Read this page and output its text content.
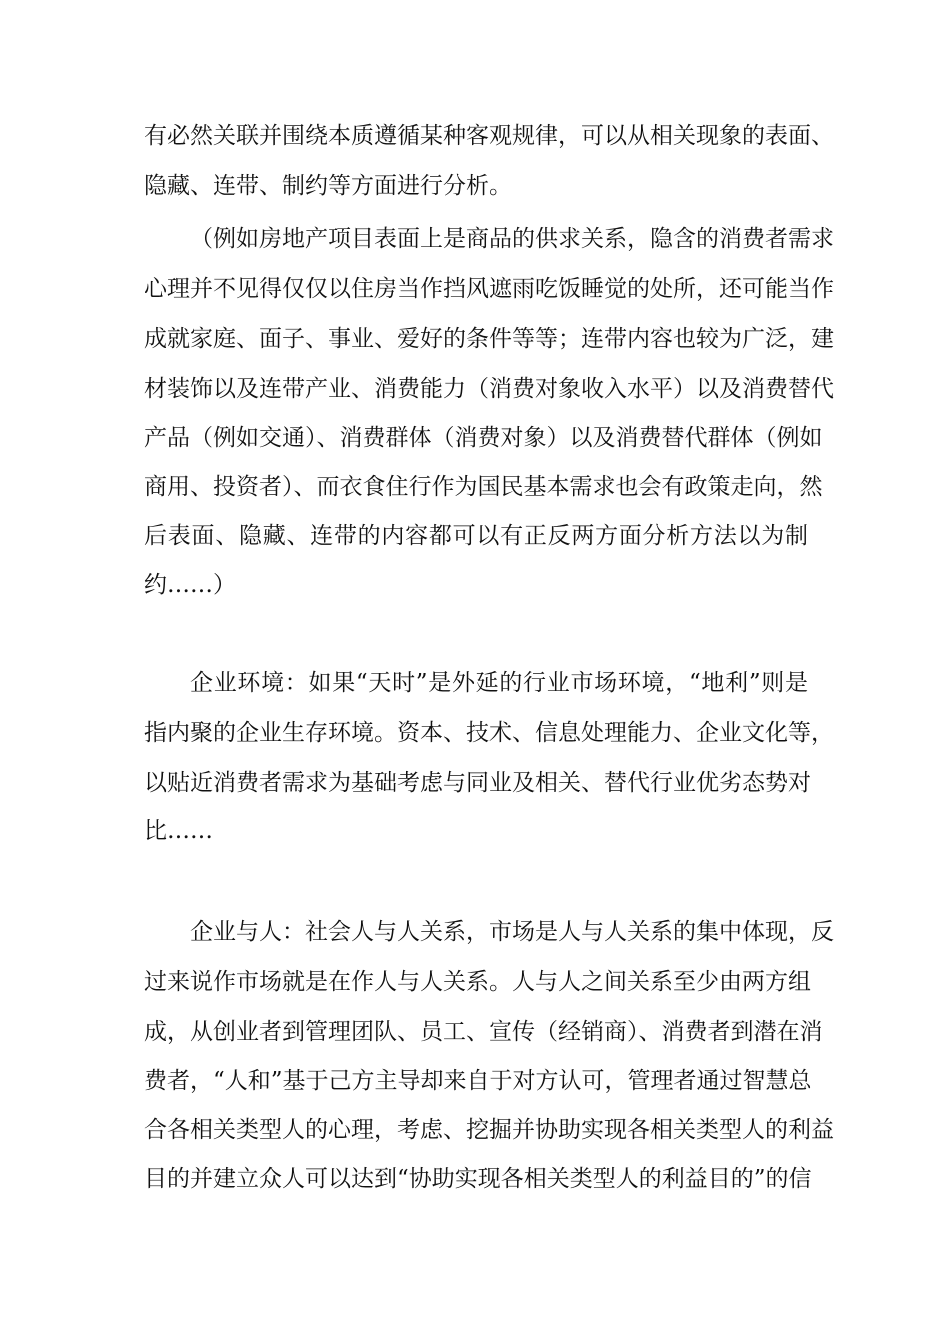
有必然关联并围绕本质遵循某种客观规律，可以从相关现象的表面、
隐藏、连带、制约等方面进行分析。
（例如房地产项目表面上是商品的供求关系，隐含的消费者需求
心理并不见得仅仅以住房当作挡风遮雨吃饭睡觉的处所，还可能当作
成就家庭、面子、事业、爱好的条件等等；连带内容也较为广泛，建
材装饰以及连带产业、消费能力（消费对象收入水平）以及消费替代
产品（例如交通）、消费群体（消费对象）以及消费替代群体（例如
商用、投资者）、而衣食住行作为国民基本需求也会有政策走向，然
后表面、隐藏、连带的内容都可以有正反两方面分析方法以为制
约……）
企业环境：如果“天时”是外延的行业市场环境，“地利”则是
指内聚的企业生存环境。资本、技术、信息处理能力、企业文化等，
以贴近消费者需求为基础考虑与同业及相关、替代行业优劣态势对
比……
企业与人：社会人与人关系，市场是人与人关系的集中体现，反
过来说作市场就是在作人与人关系。人与人之间关系至少由两方组
成，从创业者到管理团队、员工、宣传（经销商）、消费者到潜在消
费者，“人和”基于己方主导却来自于对方认可，管理者通过智慧总
合各相关类型人的心理，考虑、挖掘并协助实现各相关类型人的利益
目的并建立众人可以达到“协助实现各相关类型人的利益目的”的信
